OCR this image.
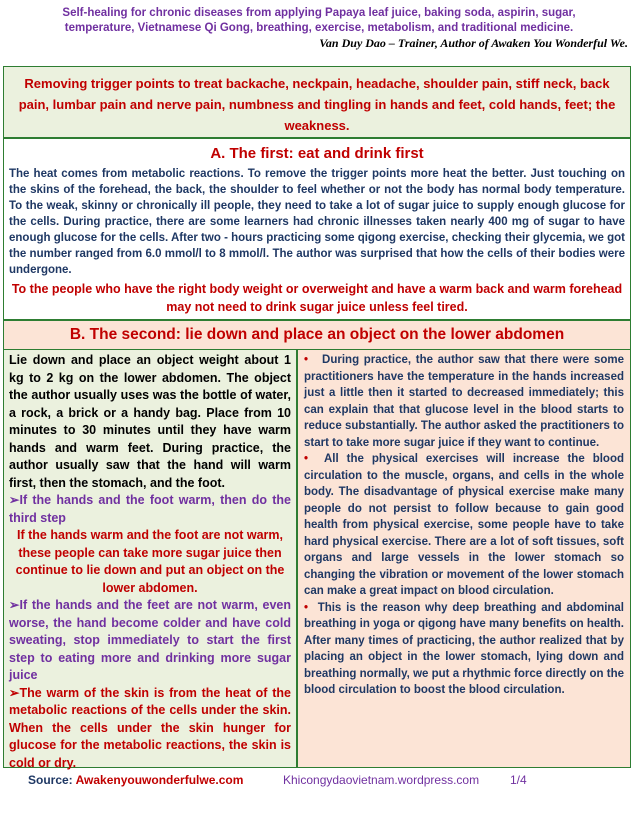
Self-healing for chronic diseases from applying Papaya leaf juice, baking soda, aspirin, sugar,
temperature, Vietnamese Qi Gong, breathing, exercise, metabolism, and traditional medicine.
Van Duy Dao – Trainer, Author of Awaken You Wonderful We.

Removing trigger points to treat backache, neckpain, headache, shoulder pain, stiff neck, back pain, lumbar pain and nerve pain, numbness and tingling in hands and feet, cold hands, feet; the weakness.

A. The first: eat and drink first
The heat comes from metabolic reactions. To remove the trigger points more heat the better. Just touching on the skins of the forehead, the back, the shoulder to feel whether or not the body has normal body temperature. To the weak, skinny or chronically ill people, they need to take a lot of sugar juice to supply enough glucose for the cells. During practice, there are some learners had chronic illnesses taken nearly 400 mg of sugar to have enough glucose for the cells. After two - hours practicing some qigong exercise, checking their glycemia, we got the number ranged from 6.0 mmol/l to 8 mmol/l. The author was surprised that how the cells of their bodies were undergone.
To the people who have the right body weight or overweight and have a warm back and warm forehead may not need to drink sugar juice unless feel tired.
B. The second: lie down and place an object on the lower abdomen

Lie down and place an object weight about 1 kg to 2 kg on the lower abdomen. The object the author usually uses was the bottle of water, a rock, a brick or a handy bag. Place from 10 minutes to 30 minutes until they have warm hands and warm feet. During practice, the author usually saw that the hand will warm first, then the stomach, and the foot.

➢If the hands and the foot warm, then do the third step

If the hands warm and the foot are not warm, these people can take more sugar juice then continue to lie down and put an object on the lower abdomen.

➢If the hands and the feet are not warm, even worse, the hand become colder and have cold sweating, stop immediately to start the first step to eating more and drinking more sugar juice

➢The warm of the skin is from the heat of the metabolic reactions of the cells under the skin. When the cells under the skin hunger for glucose for the metabolic reactions, the skin is cold or dry.

• During practice, the author saw that there were some practitioners have the temperature in the hands increased just a little then it started to decreased immediately; this can explain that that glucose level in the blood starts to reduce substantially. The author asked the practitioners to start to take more sugar juice if they want to continue.

• All the physical exercises will increase the blood circulation to the muscle, organs, and cells in the whole body. The disadvantage of physical exercise make many people do not persist to follow because to gain good health from physical exercise, some people have to take hard physical exercise. There are a lot of soft tissues, soft organs and large vessels in the lower stomach so changing the vibration or movement of the lower stomach can make a great impact on blood circulation.

• This is the reason why deep breathing and abdominal breathing in yoga or qigong have many benefits on health. After many times of practicing, the author realized that by placing an object in the lower stomach, lying down and breathing normally, we put a rhythmic force directly on the blood circulation to boost the blood circulation.

Source: Awakenyouwonderfulwe.com	Khicongydaovietnam.wordpress.com	1/4
